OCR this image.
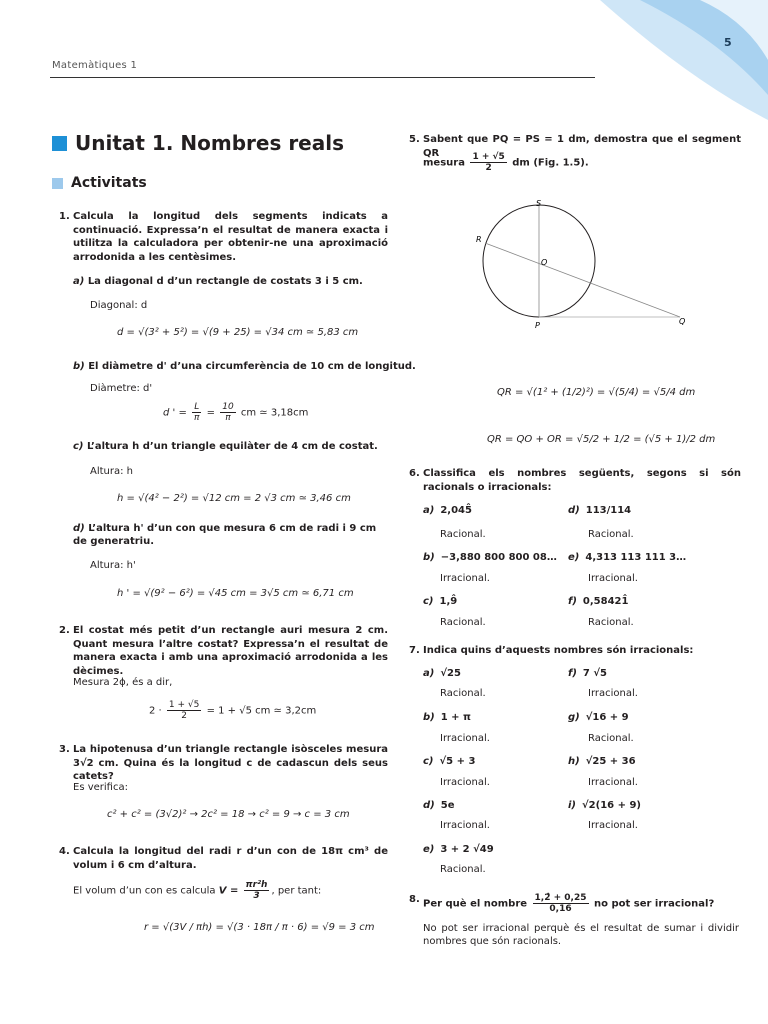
5
Matemàtiques 1
Unitat 1. Nombres reals
Activitats
1. Calcula la longitud dels segments indicats a continuació. Expressa’n el resultat de manera exacta i utilitza la calculadora per obtenir-ne una aproximació arrodonida a les centèsimes.
a) La diagonal d d’un rectangle de costats 3 i 5 cm.
Diagonal: d
d = √(3² + 5²) = √(9 + 25) = √34 cm ≃ 5,83 cm
b) El diàmetre d' d’una circumferència de 10 cm de longitud.
Diàmetre: d'
d ' = $\frac{L}{\pi} = \frac{10}{\pi}$ cm ≃ 3,18cm
c) L’altura h d’un triangle equilàter de 4 cm de costat.
Altura: h
h = √(4² − 2²) = √12 cm = 2 √3 cm ≃ 3,46 cm
d) L’altura h' d’un con que mesura 6 cm de radi i 9 cm de generatriu.
Altura: h'
h ' = √(9² − 6²) = √45 cm = 3√5 cm ≃ 6,71 cm
2. El costat més petit d’un rectangle auri mesura 2 cm. Quant mesura l’altre costat? Expressa’n el resultat de manera exacta i amb una aproximació arrodonida a les dècimes.
Mesura 2ϕ, és a dir,
$2 \cdot \frac{1 + √5}{2} = 1 + √5$ cm ≃ 3,2cm
3. La hipotenusa d’un triangle rectangle isòsceles mesura 3√2 cm. Quina és la longitud c de cadascun dels seus catets?
Es verifica:
c² + c² = (3√2)² → 2c² = 18 → c² = 9 → c = 3 cm
4. Calcula la longitud del radi r d’un con de 18π cm³ de volum i 6 cm d’altura.
El volum d’un con es calcula $V = \frac{\text{πr²h}}{3}$ , per tant:
r = √(3V / πh) = √(3 · 18π / π · 6) = √9 = 3 cm
5. Sabent que PQ = PS = 1 dm, demostra que el segment QR
mesura $\frac{1 + √5}{2}$ dm (Fig. 1.5).
S
R
O
P	Q
QR = √(1² + (1/2)²) = √(5/4) = √5/4 dm
QR = QO + OR = √5/2 + 1/2 = (√5 + 1)/2 dm
6. Classifica els nombres següents, segons si són racionals o irracionals:
a) 2,045̂
Racional.
d) 113/114
Racional.
b) −3,880 800 800 08…
Irracional.
e) 4,313 113 111 3…
Irracional.
c) 1,9̂
Racional.
f) 0,58421̂
Racional.
7. Indica quins d’aquests nombres són irracionals:
a) √25
Racional.
f) 7 √5
Irracional.
b) 1 + π
Irracional.
g) √16 + 9
Racional.
c) √5 + 3
Irracional.
h) √25 + 36
Irracional.
d) 5e
Irracional.
i) √2(16 + 9)
Irracional.
e) 3 + 2 √49
Racional.
8. Per què el nombre $\frac{1,2̂ + 0,25}{0,16}$ no pot ser irracional?
No pot ser irracional perquè és el resultat de sumar i dividir nombres que són racionals.
